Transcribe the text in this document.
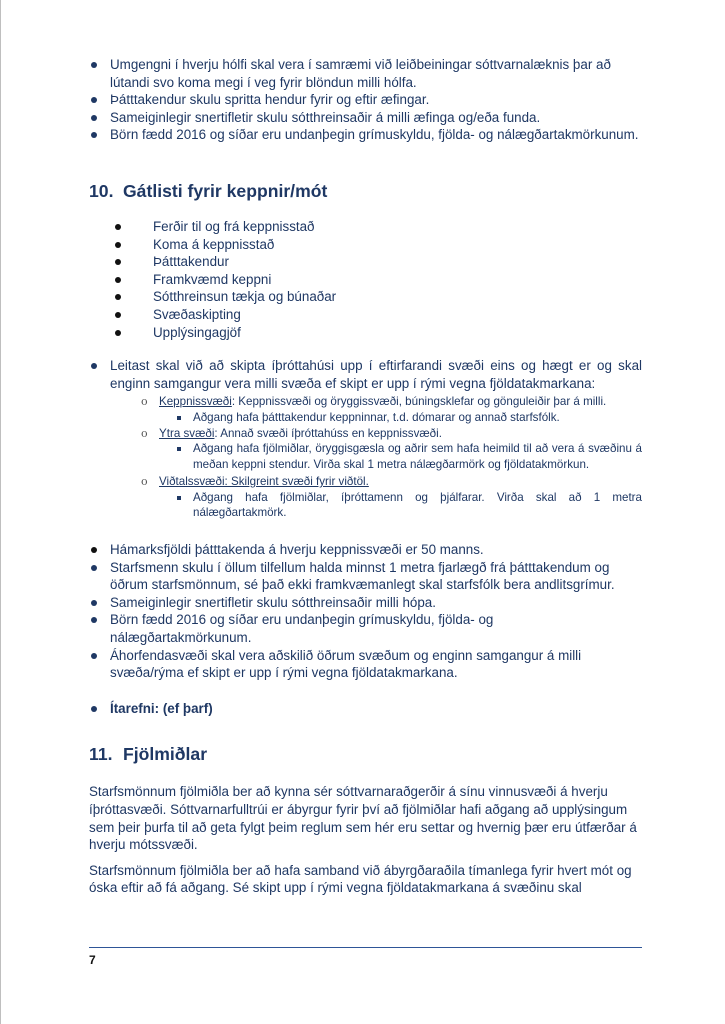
Umgengni í hverju hólfi skal vera í samræmi við leiðbeiningar sóttvarnalæknis þar að lútandi svo koma megi í veg fyrir blöndun milli hólfa.
Þátttakendur skulu spritta hendur fyrir og eftir æfingar.
Sameiginlegir snertifletir skulu sótthreinsaðir á milli æfinga og/eða funda.
Börn fædd 2016 og síðar eru undanþegin grímuskyldu, fjölda- og nálægðartakmörkunum.
10. Gátlisti fyrir keppnir/mót
Ferðir til og frá keppnisstað
Koma á keppnisstað
Þátttakendur
Framkvæmd keppni
Sótthreinsun tækja og búnaðar
Svæðaskipting
Upplýsingagjöf
Leitast skal við að skipta íþróttahúsi upp í eftirfarandi svæði eins og hægt er og skal enginn samgangur vera milli svæða ef skipt er upp í rými vegna fjöldatakmarkana:
o Keppnissvæði: Keppnissvæði og öryggissvæði, búningsklefar og gönguleiðir þar á milli.
Aðgang hafa þátttakendur keppninnar, t.d. dómarar og annað starfsfólk.
o Ytra svæði: Annað svæði íþróttahúss en keppnissvæði.
Aðgang hafa fjölmiðlar, öryggisgæsla og aðrir sem hafa heimild til að vera á svæðinu á meðan keppni stendur. Virða skal 1 metra nálægðarmörk og fjöldatakmörkun.
o Viðtalssvæði: Skilgreint svæði fyrir viðtöl.
Aðgang hafa fjölmiðlar, íþróttamenn og þjálfarar. Virða skal að 1 metra nálægðartakmörk.
Hámarksfjöldi þátttakenda á hverju keppnissvæði er 50 manns.
Starfsmenn skulu í öllum tilfellum halda minnst 1 metra fjarlægð frá þátttakendum og öðrum starfsmönnum, sé það ekki framkvæmanlegt skal starfsfólk bera andlitsgrímur.
Sameiginlegir snertifletir skulu sótthreinsaðir milli hópa.
Börn fædd 2016 og síðar eru undanþegin grímuskyldu, fjölda- og nálægðartakmörkunum.
Áhorfendasvæði skal vera aðskilið öðrum svæðum og enginn samgangur á milli svæða/rýma ef skipt er upp í rými vegna fjöldatakmarkana.
Ítarefni: (ef þarf)
11. Fjölmiðlar

Starfsmönnum fjölmiðla ber að kynna sér sóttvarnaraðgerðir á sínu vinnusvæði á hverju íþróttasvæði. Sóttvarnarfulltrúi er ábyrgur fyrir því að fjölmiðlar hafi aðgang að upplýsingum sem þeir þurfa til að geta fylgt þeim reglum sem hér eru settar og hvernig þær eru útfærðar á hverju mótssvæði.

Starfsmönnum fjölmiðla ber að hafa samband við ábyrgðaraðila tímanlega fyrir hvert mót og óska eftir að fá aðgang. Sé skipt upp í rými vegna fjöldatakmarkana á svæðinu skal

7
